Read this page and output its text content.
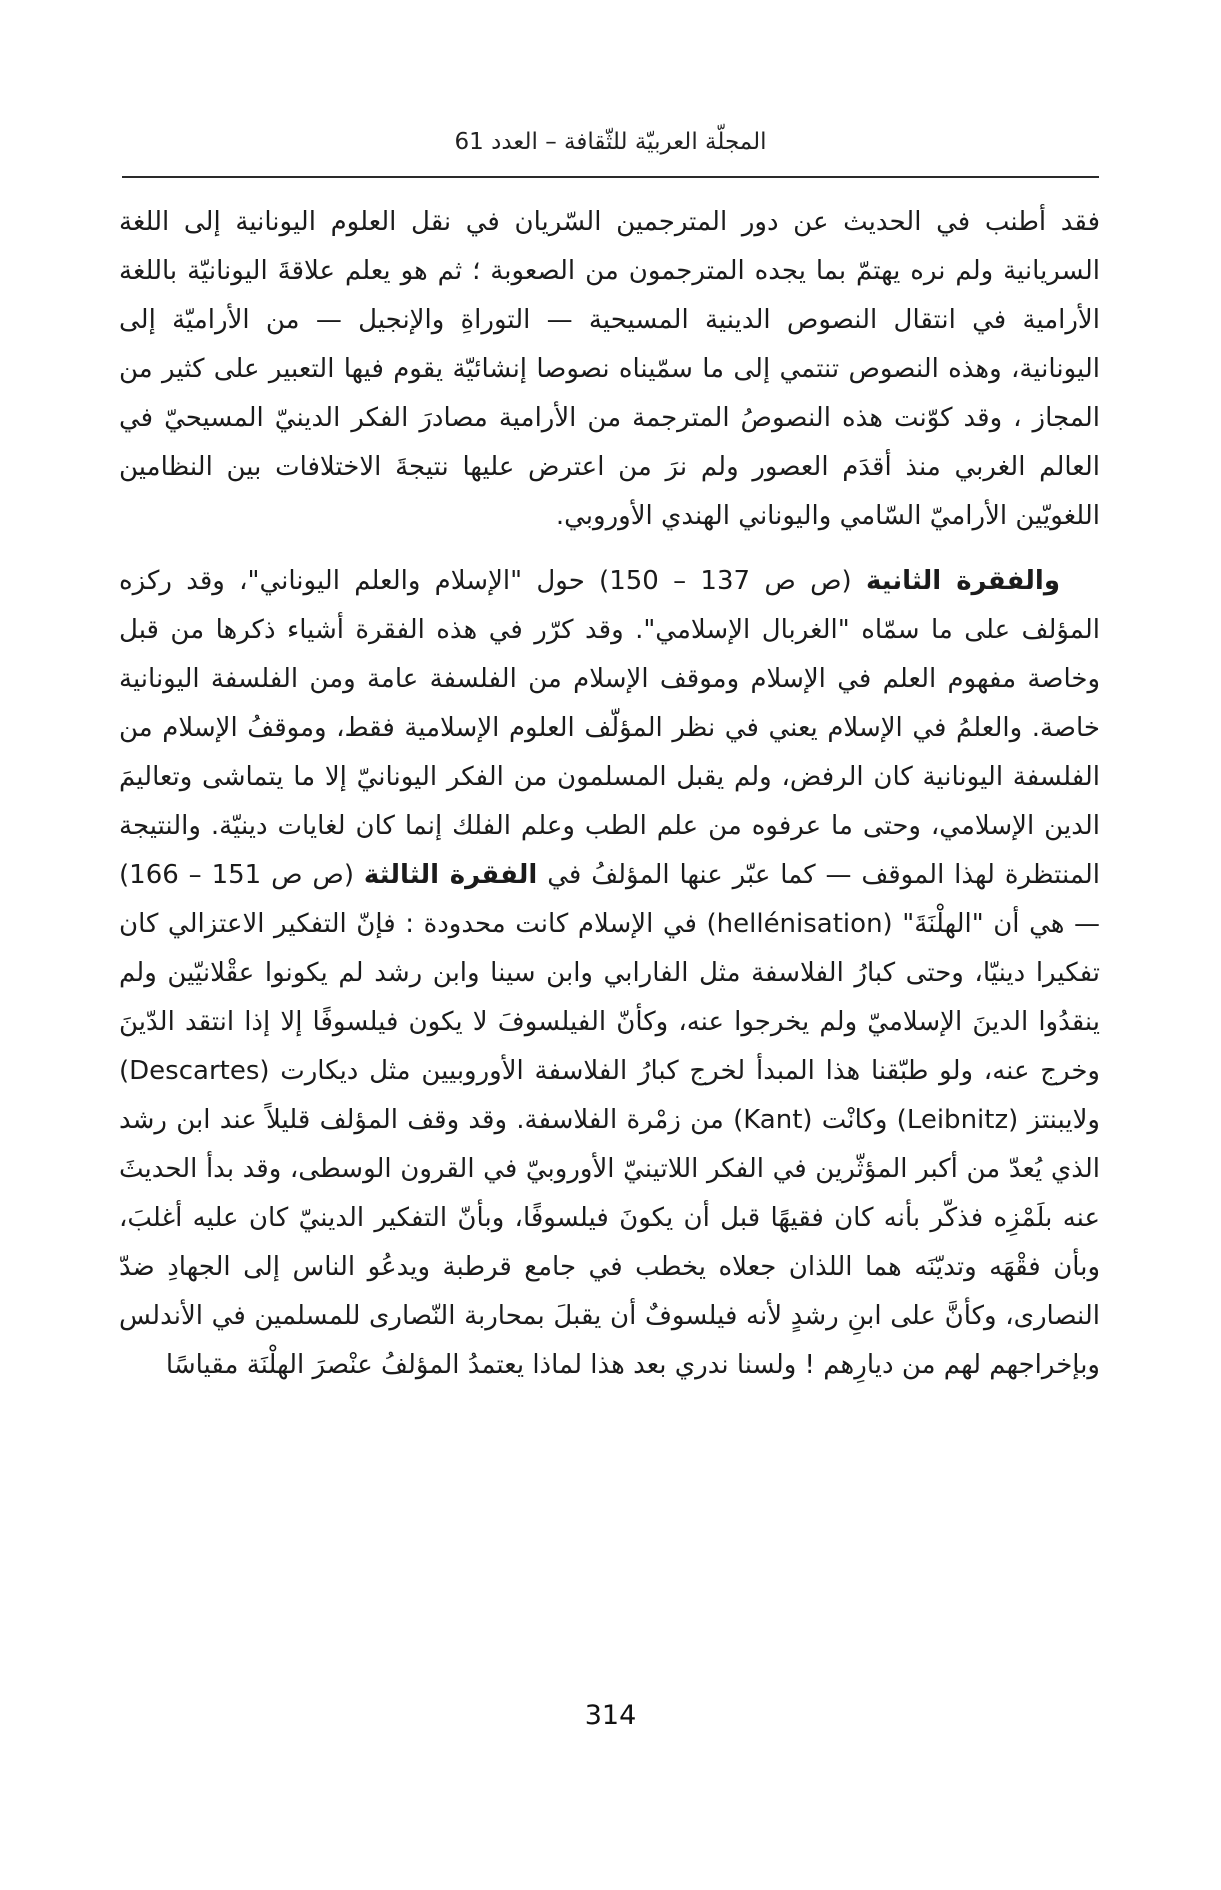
المجلّة العربيّة للثّقافة – العدد 61

فقد أطنب في الحديث عن دور المترجمين السّريان في نقل العلوم اليونانية إلى اللغة السريانية ولم نره يهتمّ بما يجده المترجمون من الصعوبة ؛ ثم هو يعلم علاقةَ اليونانيّة باللغة الأرامية في انتقال النصوص الدينية المسيحية — التوراةِ والإنجيل — من الأراميّة إلى اليونانية، وهذه النصوص تنتمي إلى ما سمّيناه نصوصا إنشائيّة يقوم فيها التعبير على كثير من المجاز ، وقد كوّنت هذه النصوصُ المترجمة من الأرامية مصادرَ الفكر الدينيّ المسيحيّ في العالم الغربي منذ أقدَم العصور ولم نرَ من اعترض عليها نتيجةَ الاختلافات بين النظامين اللغويّين الأراميّ السّامي واليوناني الهندي الأوروبي.

والفقرة الثانية (ص ص 137 – 150) حول "الإسلام والعلم اليوناني"، وقد ركزه المؤلف على ما سمّاه "الغربال الإسلامي". وقد كرّر في هذه الفقرة أشياء ذكرها من قبل وخاصة مفهوم العلم في الإسلام وموقف الإسلام من الفلسفة عامة ومن الفلسفة اليونانية خاصة. والعلمُ في الإسلام يعني في نظر المؤلّف العلوم الإسلامية فقط، وموقفُ الإسلام من الفلسفة اليونانية كان الرفض، ولم يقبل المسلمون من الفكر اليونانيّ إلا ما يتماشى وتعاليمَ الدين الإسلامي، وحتى ما عرفوه من علم الطب وعلم الفلك إنما كان لغايات دينيّة. والنتيجة المنتظرة لهذا الموقف — كما عبّر عنها المؤلفُ في الفقرة الثالثة (ص ص 151 – 166) — هي أن "الهلْنَةَ" (hellénisation) في الإسلام كانت محدودة : فإنّ التفكير الاعتزالي كان تفكيرا دينيّا، وحتى كبارُ الفلاسفة مثل الفارابي وابن سينا وابن رشد لم يكونوا عقْلانيّين ولم ينقدُوا الدينَ الإسلاميّ ولم يخرجوا عنه، وكأنّ الفيلسوفَ لا يكون فيلسوفًا إلا إذا انتقد الدّينَ وخرج عنه، ولو طبّقنا هذا المبدأ لخرج كبارُ الفلاسفة الأوروبيين مثل ديكارت (Descartes) ولايبنتز (Leibnitz) وكانْت (Kant) من زمْرة الفلاسفة. وقد وقف المؤلف قليلاً عند ابن رشد الذي يُعدّ من أكبر المؤثّرين في الفكر اللاتينيّ الأوروبيّ في القرون الوسطى، وقد بدأ الحديثَ عنه بلَمْزِه فذكّر بأنه كان فقيهًا قبل أن يكونَ فيلسوفًا، وبأنّ التفكير الدينيّ كان عليه أغلبَ، وبأن فقْهَه وتديّنَه هما اللذان جعلاه يخطب في جامع قرطبة ويدعُو الناس إلى الجهادِ ضدّ النصارى، وكأنَّ على ابنِ رشدٍ لأنه فيلسوفٌ أن يقبلَ بمحاربة النّصارى للمسلمين في الأندلس وبإخراجهم لهم من ديارِهم ! ولسنا ندري بعد هذا لماذا يعتمدُ المؤلفُ عنْصرَ الهلْنَة مقياسًا

314
